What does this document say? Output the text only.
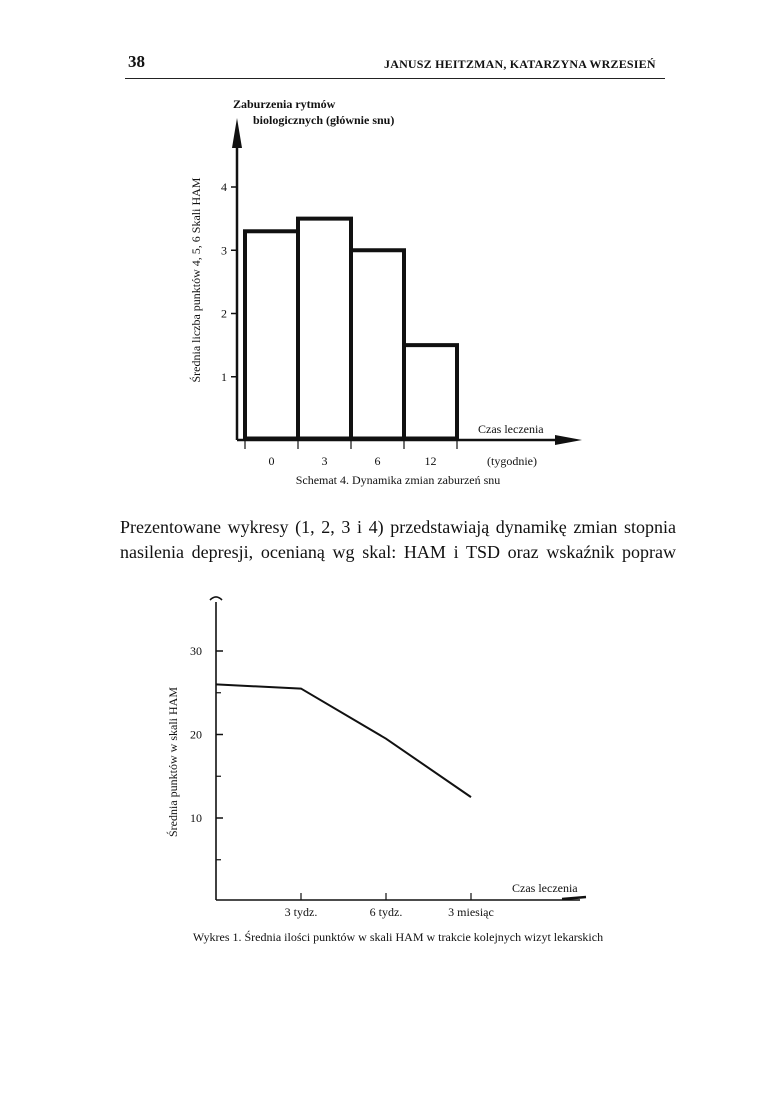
38	JANUSZ HEITZMAN, KATARZYNA WRZESIEŃ
1
2
3
4
0	3	6	12
Zaburzenia rytmów
biologicznych (głównie snu)
Średnia liczba punktów 4, 5, 6 Skali HAM
Czas leczenia
(tygodnie)
Schemat 4. Dynamika zmian zaburzeń snu
Prezentowane wykresy (1, 2, 3 i 4) przedstawiają dynamikę zmian stopnia nasilenia depresji, ocenianą wg skal: HAM i TSD oraz wskaźnik popraw
10
20
30
3 tydz.	6 tydz.	3 miesiąc
Średnia punktów w skali HAM
Czas leczenia
Wykres 1. Średnia ilości punktów w skali HAM w trakcie kolejnych wizyt lekarskich
